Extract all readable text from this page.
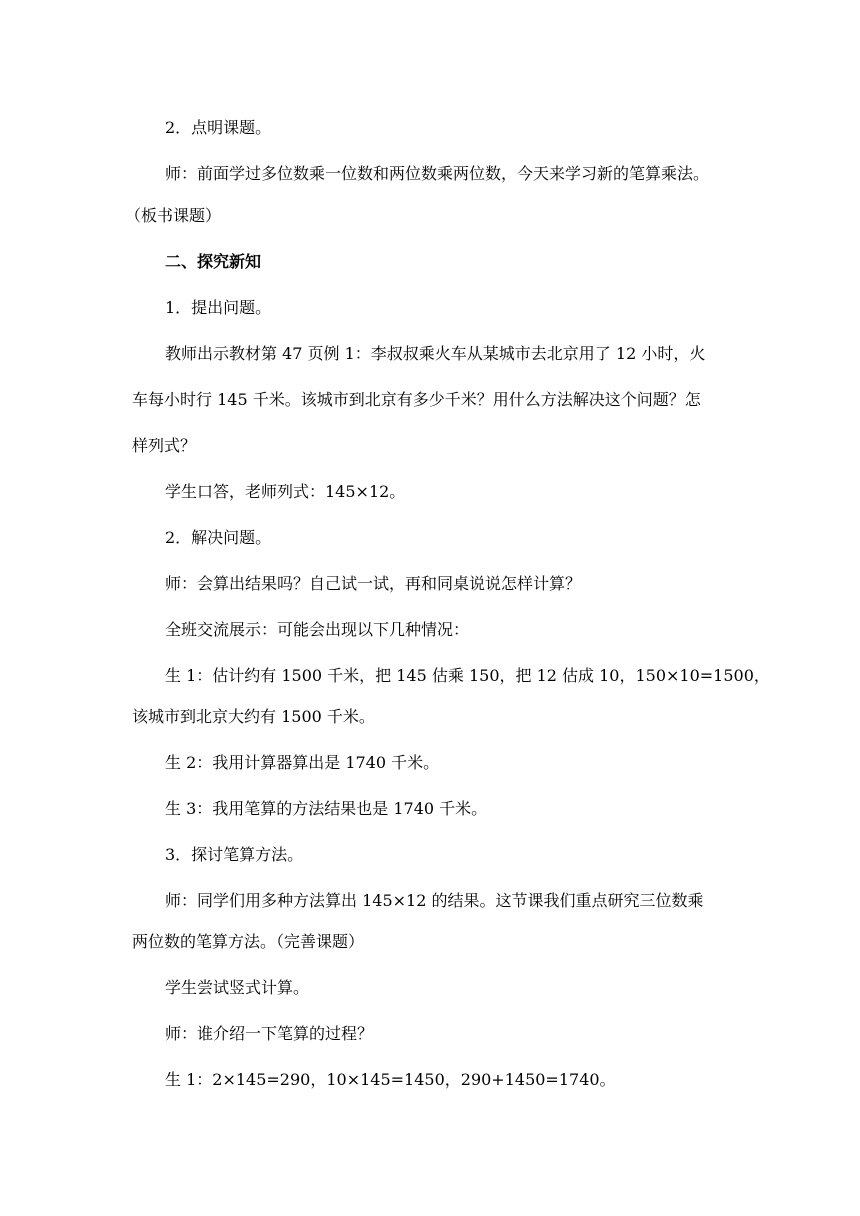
2．点明课题。
师：前面学过多位数乘一位数和两位数乘两位数，今天来学习新的笔算乘法。
（板书课题）
二、探究新知
1．提出问题。
教师出示教材第 47 页例 1：李叔叔乘火车从某城市去北京用了 12 小时，火
车每小时行 145 千米。该城市到北京有多少千米？用什么方法解决这个问题？怎
样列式？
学生口答，老师列式：145×12。
2．解决问题。
师：会算出结果吗？自己试一试，再和同桌说说怎样计算？
全班交流展示：可能会出现以下几种情况：
生 1：估计约有 1500 千米，把 145 估乘 150，把 12 估成 10，150×10=1500，
该城市到北京大约有 1500 千米。
生 2：我用计算器算出是 1740 千米。
生 3：我用笔算的方法结果也是 1740 千米。
3．探讨笔算方法。
师：同学们用多种方法算出 145×12 的结果。这节课我们重点研究三位数乘
两位数的笔算方法。（完善课题）
学生尝试竖式计算。
师：谁介绍一下笔算的过程？
生 1：2×145=290，10×145=1450，290+1450=1740。
